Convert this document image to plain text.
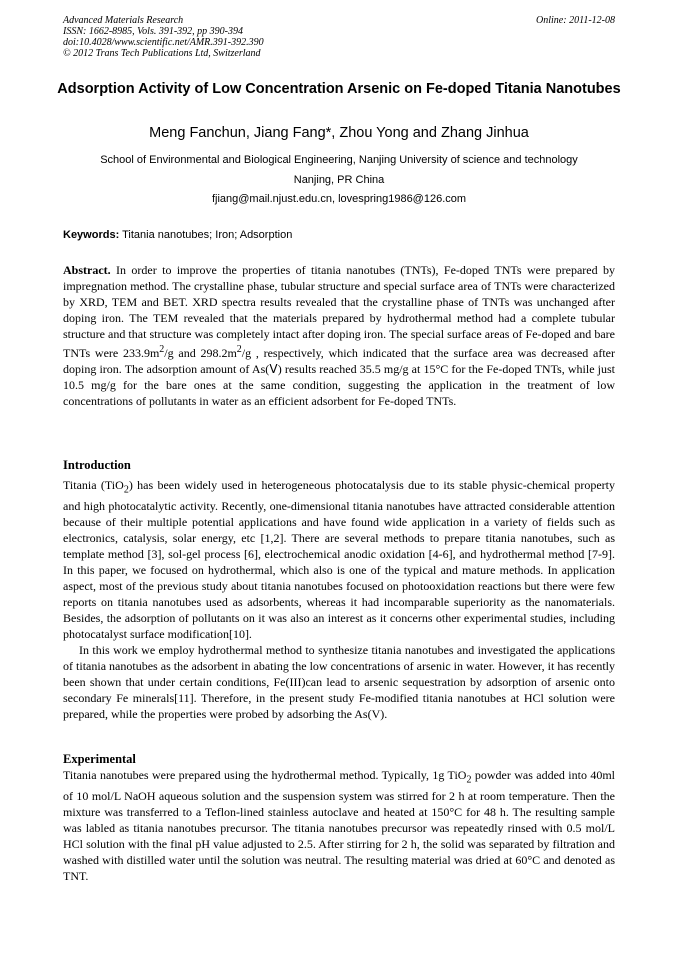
Advanced Materials Research
ISSN: 1662-8985, Vols. 391-392, pp 390-394
doi:10.4028/www.scientific.net/AMR.391-392.390
© 2012 Trans Tech Publications Ltd, Switzerland
Online: 2011-12-08
Adsorption Activity of Low Concentration Arsenic on Fe-doped Titania Nanotubes
Meng Fanchun, Jiang Fang*, Zhou Yong and Zhang Jinhua
School of Environmental and Biological Engineering, Nanjing University of science and technology
Nanjing, PR China
fjiang@mail.njust.edu.cn, lovespring1986@126.com
Keywords: Titania nanotubes; Iron; Adsorption

Abstract. In order to improve the properties of titania nanotubes (TNTs), Fe-doped TNTs were prepared by impregnation method. The crystalline phase, tubular structure and special surface area of TNTs were characterized by XRD, TEM and BET. XRD spectra results revealed that the crystalline phase of TNTs was unchanged after doping iron. The TEM revealed that the materials prepared by hydrothermal method had a complete tubular structure and that structure was completely intact after doping iron. The special surface areas of Fe-doped and bare TNTs were $233.9m^2/g$ and $298.2m^2/g$ , respectively, which indicated that the surface area was decreased after doping iron. The adsorption amount of As(Ⅴ) results reached 35.5 mg/g at 15°C for the Fe-doped TNTs, while just 10.5 mg/g for the bare ones at the same condition, suggesting the application in the treatment of low concentrations of pollutants in water as an efficient adsorbent for Fe-doped TNTs.

Introduction

Titania (TiO$_2$) has been widely used in heterogeneous photocatalysis due to its stable physic-chemical property and high photocatalytic activity. Recently, one-dimensional titania nanotubes have attracted considerable attention because of their multiple potential applications and have found wide application in a variety of fields such as electronics, catalysis, solar energy, etc [1,2]. There are several methods to prepare titania nanotubes, such as template method [3], sol-gel process [6], electrochemical anodic oxidation [4-6], and hydrothermal method [7-9]. In this paper, we focused on hydrothermal, which also is one of the typical and mature methods. In application aspect, most of the previous study about titania nanotubes focused on photooxidation reactions but there were few reports on titania nanotubes used as adsorbents, whereas it had incomparable superiority as the nanomaterials. Besides, the adsorption of pollutants on it was also an interest as it concerns other experimental studies, including photocatalyst surface modification[10].

In this work we employ hydrothermal method to synthesize titania nanotubes and investigated the applications of titania nanotubes as the adsorbent in abating the low concentrations of arsenic in water. However, it has recently been shown that under certain conditions, Fe(III)can lead to arsenic sequestration by adsorption of arsenic onto secondary Fe minerals[11]. Therefore, in the present study Fe-modified titania nanotubes at HCl solution were prepared, while the properties were probed by adsorbing the As(V).

Experimental

Titania nanotubes were prepared using the hydrothermal method. Typically, 1g TiO$_2$ powder was added into 40ml of 10 mol/L NaOH aqueous solution and the suspension system was stirred for 2 h at room temperature. Then the mixture was transferred to a Teflon-lined stainless autoclave and heated at 150°C for 48 h. The resulting sample was labled as titania nanotubes precursor. The titania nanotubes precursor was repeatedly rinsed with 0.5 mol/L HCl solution with the final pH value adjusted to 2.5. After stirring for 2 h, the solid was separated by filtration and washed with distilled water until the solution was neutral. The resulting material was dried at 60°C and denoted as TNT.
